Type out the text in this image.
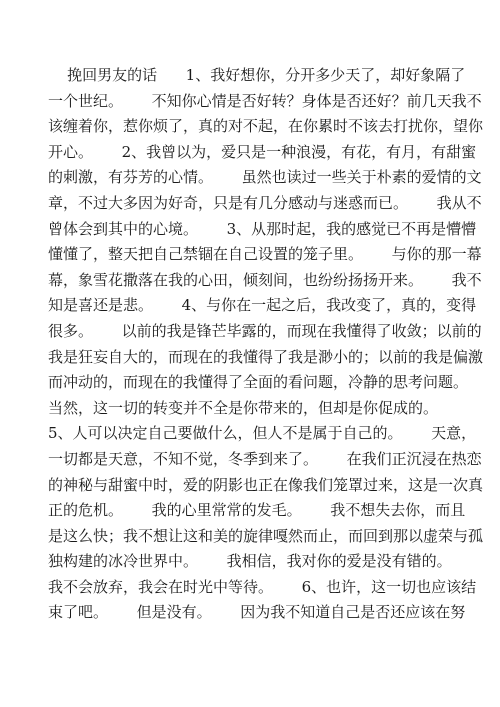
挽回男友的话      1、我好想你，分开多少天了，却好象隔了
一个世纪。      不知你心情是否好转？身体是否还好？前几天我不
该缠着你，惹你烦了，真的对不起，在你累时不该去打扰你，望你
开心。      2、我曾以为，爱只是一种浪漫，有花，有月，有甜蜜
的刺激，有芬芳的心情。      虽然也读过一些关于朴素的爱情的文
章，不过大多因为好奇，只是有几分感动与迷惑而已。      我从不
曾体会到其中的心境。      3、从那时起，我的感觉已不再是懵懵
懂懂了，整天把自己禁锢在自己设置的笼子里。      与你的那一幕
幕，象雪花撒落在我的心田，倾刻间，也纷纷扬扬开来。      我不
知是喜还是悲。      4、与你在一起之后，我改变了，真的，变得
很多。      以前的我是锋芒毕露的，而现在我懂得了收敛；以前的
我是狂妄自大的，而现在的我懂得了我是渺小的；以前的我是偏激
而冲动的，而现在的我懂得了全面的看问题，冷静的思考问题。
当然，这一切的转变并不全是你带来的，但却是你促成的。
5、人可以决定自己要做什么，但人不是属于自己的。      天意，
一切都是天意，不知不觉，冬季到来了。      在我们正沉浸在热恋
的神秘与甜蜜中时，爱的阴影也正在像我们笼罩过来，这是一次真
正的危机。      我的心里常常的发毛。      我不想失去你，而且
是这么快；我不想让这和美的旋律嘎然而止，而回到那以虚荣与孤
独构建的冰冷世界中。      我相信，我对你的爱是没有错的。
我不会放弃，我会在时光中等待。      6、也许，这一切也应该结
束了吧。      但是没有。      因为我不知道自己是否还应该在努
